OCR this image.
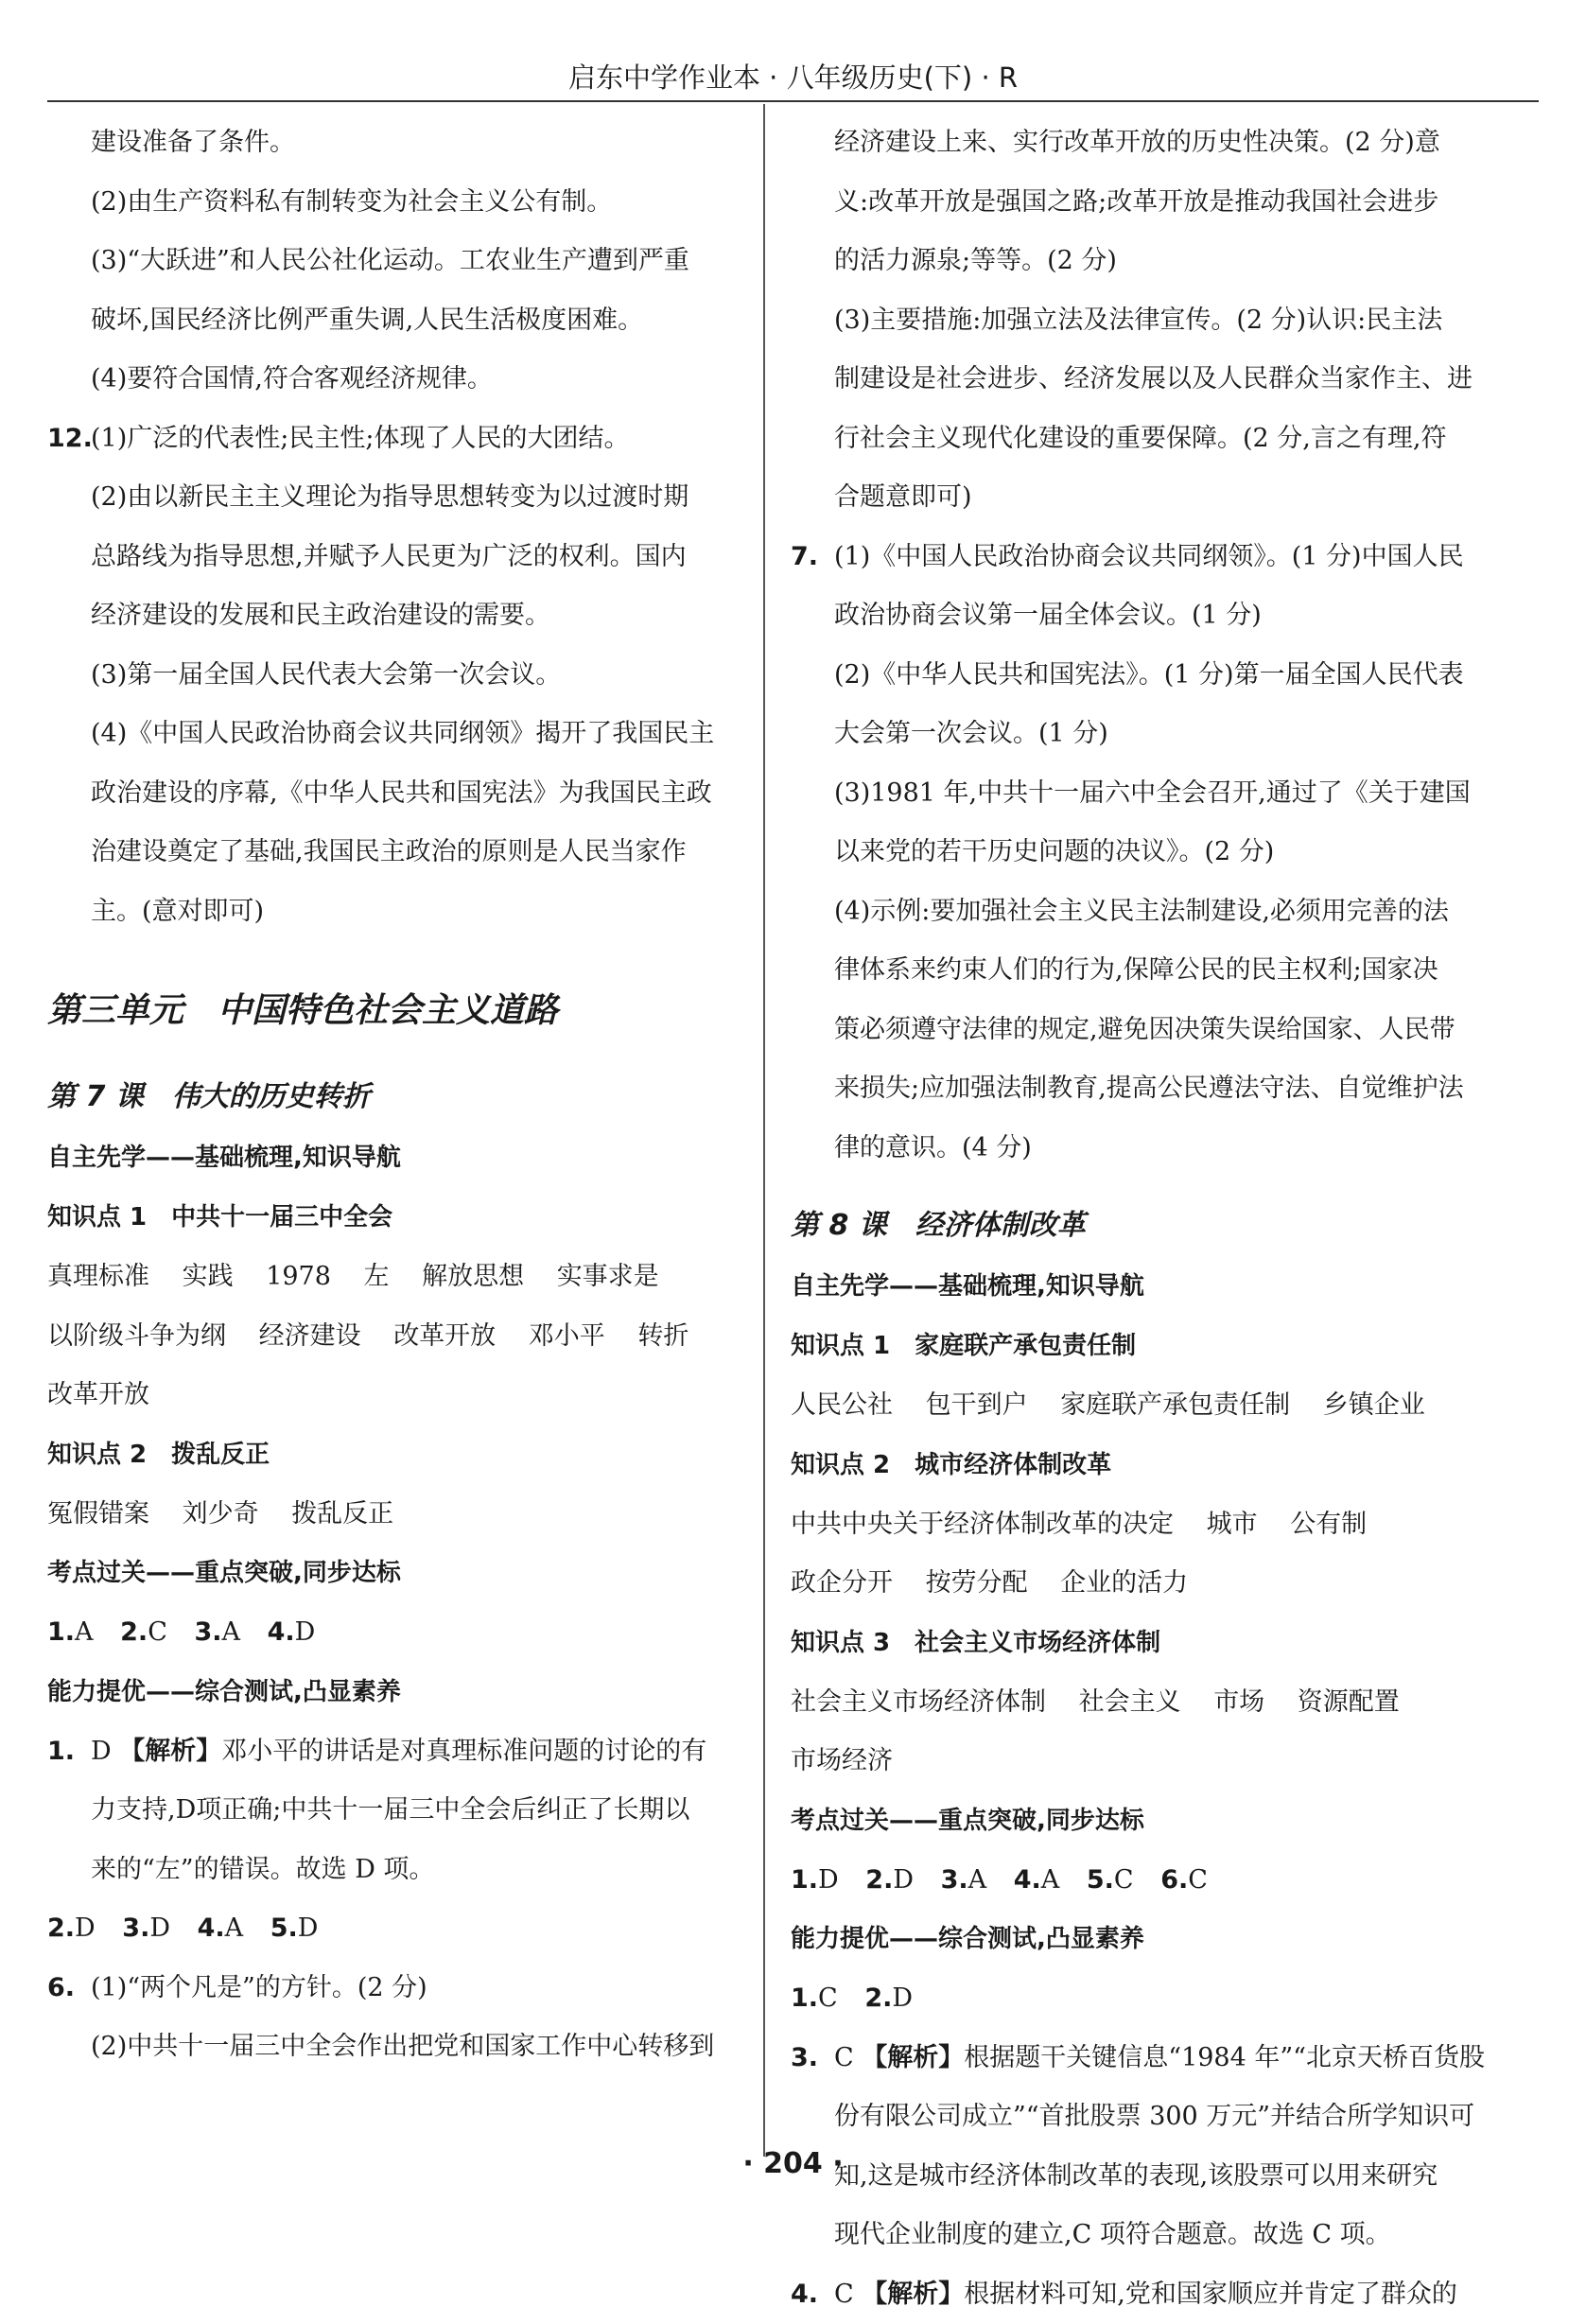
启东中学作业本 · 八年级历史(下) · R
建设准备了条件。
(2)由生产资料私有制转变为社会主义公有制。
(3)“大跃进”和人民公社化运动。工农业生产遭到严重
破坏,国民经济比例严重失调,人民生活极度困难。
(4)要符合国情,符合客观经济规律。
12.
(1)广泛的代表性;民主性;体现了人民的大团结。
(2)由以新民主主义理论为指导思想转变为以过渡时期
总路线为指导思想,并赋予人民更为广泛的权利。国内
经济建设的发展和民主政治建设的需要。
(3)第一届全国人民代表大会第一次会议。
(4)《中国人民政治协商会议共同纲领》揭开了我国民主
政治建设的序幕,《中华人民共和国宪法》为我国民主政
治建设奠定了基础,我国民主政治的原则是人民当家作
主。(意对即可)
第三单元　中国特色社会主义道路
第 7 课　伟大的历史转折
自主先学——基础梳理,知识导航
知识点 1　中共十一届三中全会
真理标准 实践 1978 左 解放思想 实事求是
以阶级斗争为纲 经济建设 改革开放 邓小平 转折
改革开放
知识点 2　拨乱反正
冤假错案 刘少奇 拨乱反正
考点过关——重点突破,同步达标
1.A 2.C 3.A 4.D
能力提优——综合测试,凸显素养
1. D 【解析】邓小平的讲话是对真理标准问题的讨论的有
力支持,D项正确;中共十一届三中全会后纠正了长期以
来的“左”的错误。故选 D 项。
2.D 3.D 4.A 5.D
6. (1)“两个凡是”的方针。(2 分)
(2)中共十一届三中全会作出把党和国家工作中心转移到
经济建设上来、实行改革开放的历史性决策。(2 分)意
义:改革开放是强国之路;改革开放是推动我国社会进步
的活力源泉;等等。(2 分)
(3)主要措施:加强立法及法律宣传。(2 分)认识:民主法
制建设是社会进步、经济发展以及人民群众当家作主、进
行社会主义现代化建设的重要保障。(2 分,言之有理,符
合题意即可)
7. (1)《中国人民政治协商会议共同纲领》。(1 分)中国人民
政治协商会议第一届全体会议。(1 分)
(2)《中华人民共和国宪法》。(1 分)第一届全国人民代表
大会第一次会议。(1 分)
(3)1981 年,中共十一届六中全会召开,通过了《关于建国
以来党的若干历史问题的决议》。(2 分)
(4)示例:要加强社会主义民主法制建设,必须用完善的法
律体系来约束人们的行为,保障公民的民主权利;国家决
策必须遵守法律的规定,避免因决策失误给国家、人民带
来损失;应加强法制教育,提高公民遵法守法、自觉维护法
律的意识。(4 分)
第 8 课　经济体制改革
自主先学——基础梳理,知识导航
知识点 1　家庭联产承包责任制
人民公社 包干到户 家庭联产承包责任制 乡镇企业
知识点 2　城市经济体制改革
中共中央关于经济体制改革的决定 城市 公有制
政企分开 按劳分配 企业的活力
知识点 3　社会主义市场经济体制
社会主义市场经济体制 社会主义 市场 资源配置
市场经济
考点过关——重点突破,同步达标
1.D 2.D 3.A 4.A 5.C 6.C
能力提优——综合测试,凸显素养
1.C 2.D
3. C 【解析】根据题干关键信息“1984 年”“北京天桥百货股
份有限公司成立”“首批股票 300 万元”并结合所学知识可
知,这是城市经济体制改革的表现,该股票可以用来研究
现代企业制度的建立,C 项符合题意。故选 C 项。
4. C 【解析】根据材料可知,党和国家顺应并肯定了群众的
· 204 ·
